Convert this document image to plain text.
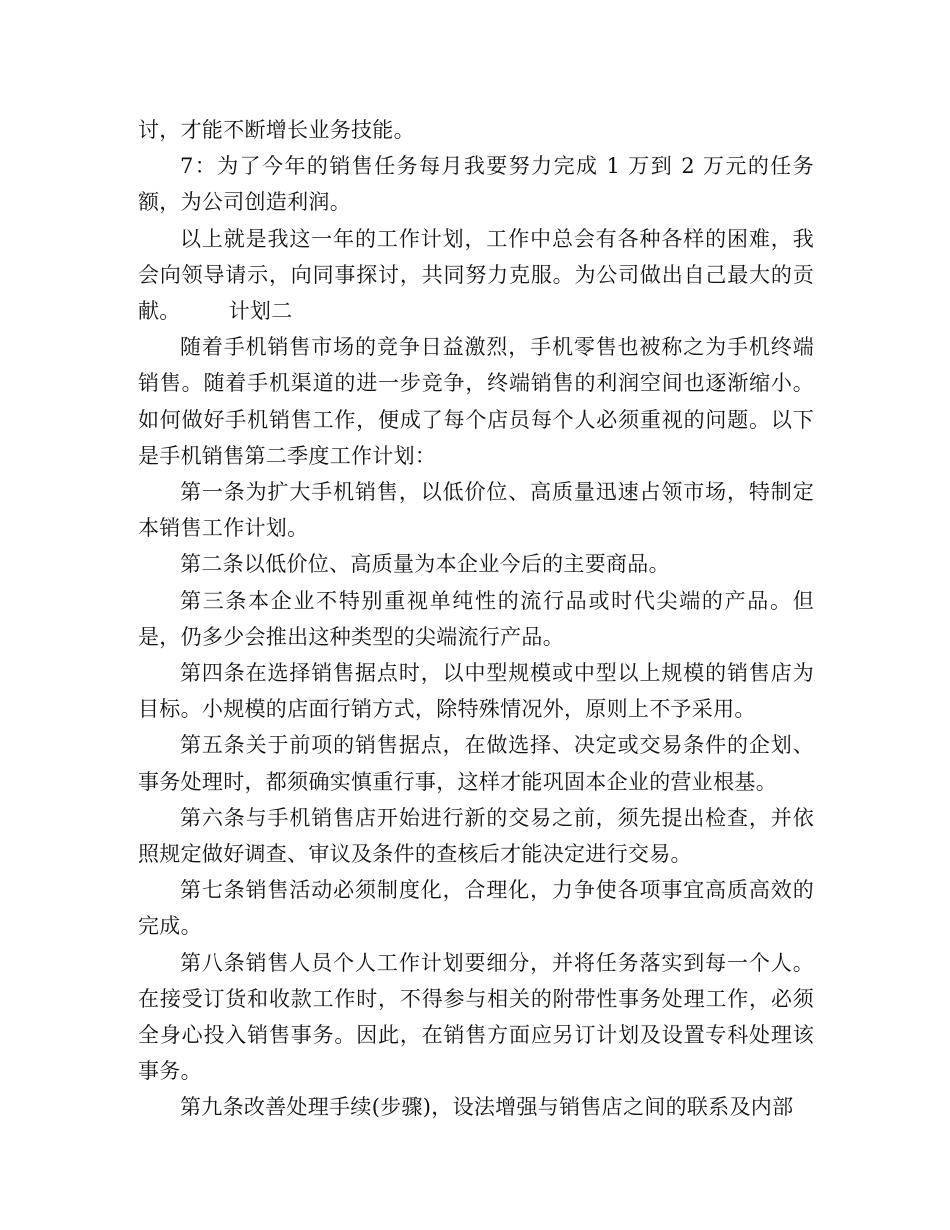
讨，才能不断增长业务技能。

7：为了今年的销售任务每月我要努力完成 1 万到 2 万元的任务额，为公司创造利润。

以上就是我这一年的工作计划，工作中总会有各种各样的困难，我会向领导请示，向同事探讨，共同努力克服。为公司做出自己最大的贡献。 计划二

随着手机销售市场的竞争日益激烈，手机零售也被称之为手机终端销售。随着手机渠道的进一步竞争，终端销售的利润空间也逐渐缩小。如何做好手机销售工作，便成了每个店员每个人必须重视的问题。以下是手机销售第二季度工作计划：

第一条为扩大手机销售，以低价位、高质量迅速占领市场，特制定本销售工作计划。

第二条以低价位、高质量为本企业今后的主要商品。

第三条本企业不特别重视单纯性的流行品或时代尖端的产品。但是，仍多少会推出这种类型的尖端流行产品。

第四条在选择销售据点时，以中型规模或中型以上规模的销售店为目标。小规模的店面行销方式，除特殊情况外，原则上不予采用。

第五条关于前项的销售据点，在做选择、决定或交易条件的企划、事务处理时，都须确实慎重行事，这样才能巩固本企业的营业根基。

第六条与手机销售店开始进行新的交易之前，须先提出检查，并依照规定做好调查、审议及条件的查核后才能决定进行交易。

第七条销售活动必须制度化，合理化，力争使各项事宜高质高效的完成。

第八条销售人员个人工作计划要细分，并将任务落实到每一个人。在接受订货和收款工作时，不得参与相关的附带性事务处理工作，必须全身心投入销售事务。因此，在销售方面应另订计划及设置专科处理该事务。

第九条改善处理手续(步骤)，设法增强与销售店之间的联系及内部
